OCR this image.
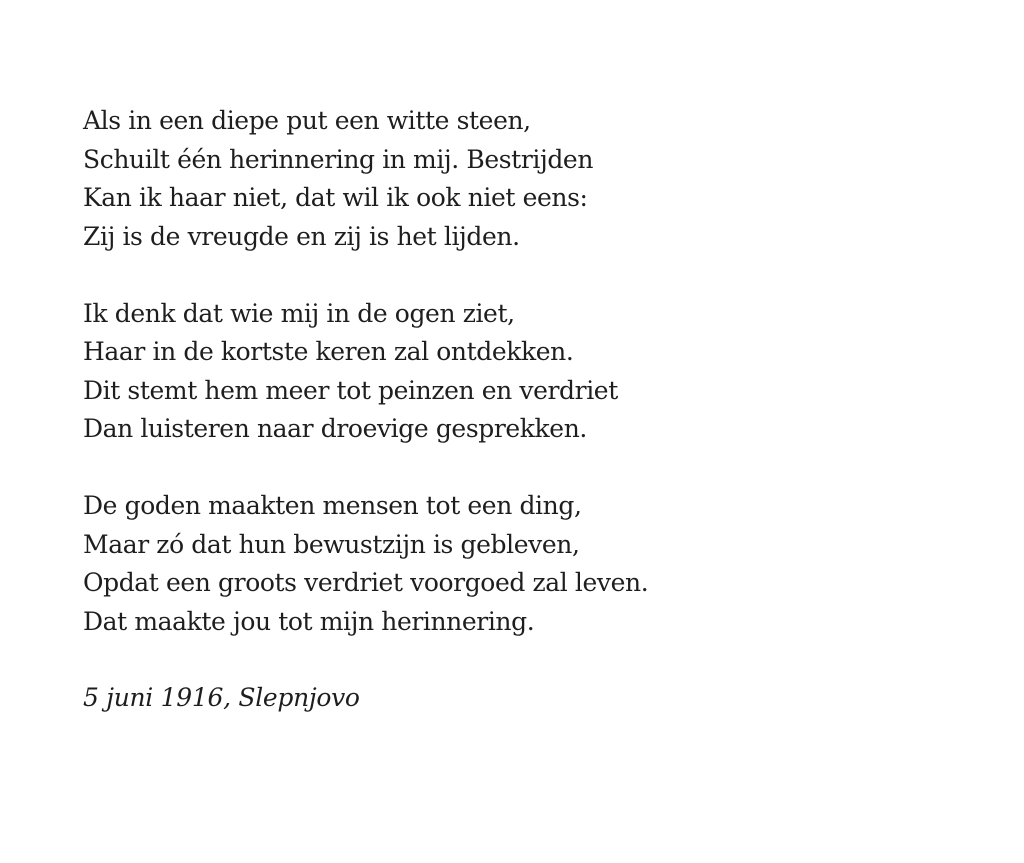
Als in een diepe put een witte steen,
Schuilt één herinnering in mij. Bestrijden
Kan ik haar niet, dat wil ik ook niet eens:
Zij is de vreugde en zij is het lijden.
Ik denk dat wie mij in de ogen ziet,
Haar in de kortste keren zal ontdekken.
Dit stemt hem meer tot peinzen en verdriet
Dan luisteren naar droevige gesprekken.
De goden maakten mensen tot een ding,
Maar zó dat hun bewustzijn is gebleven,
Opdat een groots verdriet voorgoed zal leven.
Dat maakte jou tot mijn herinnering.
5 juni 1916, Slepnjovo
